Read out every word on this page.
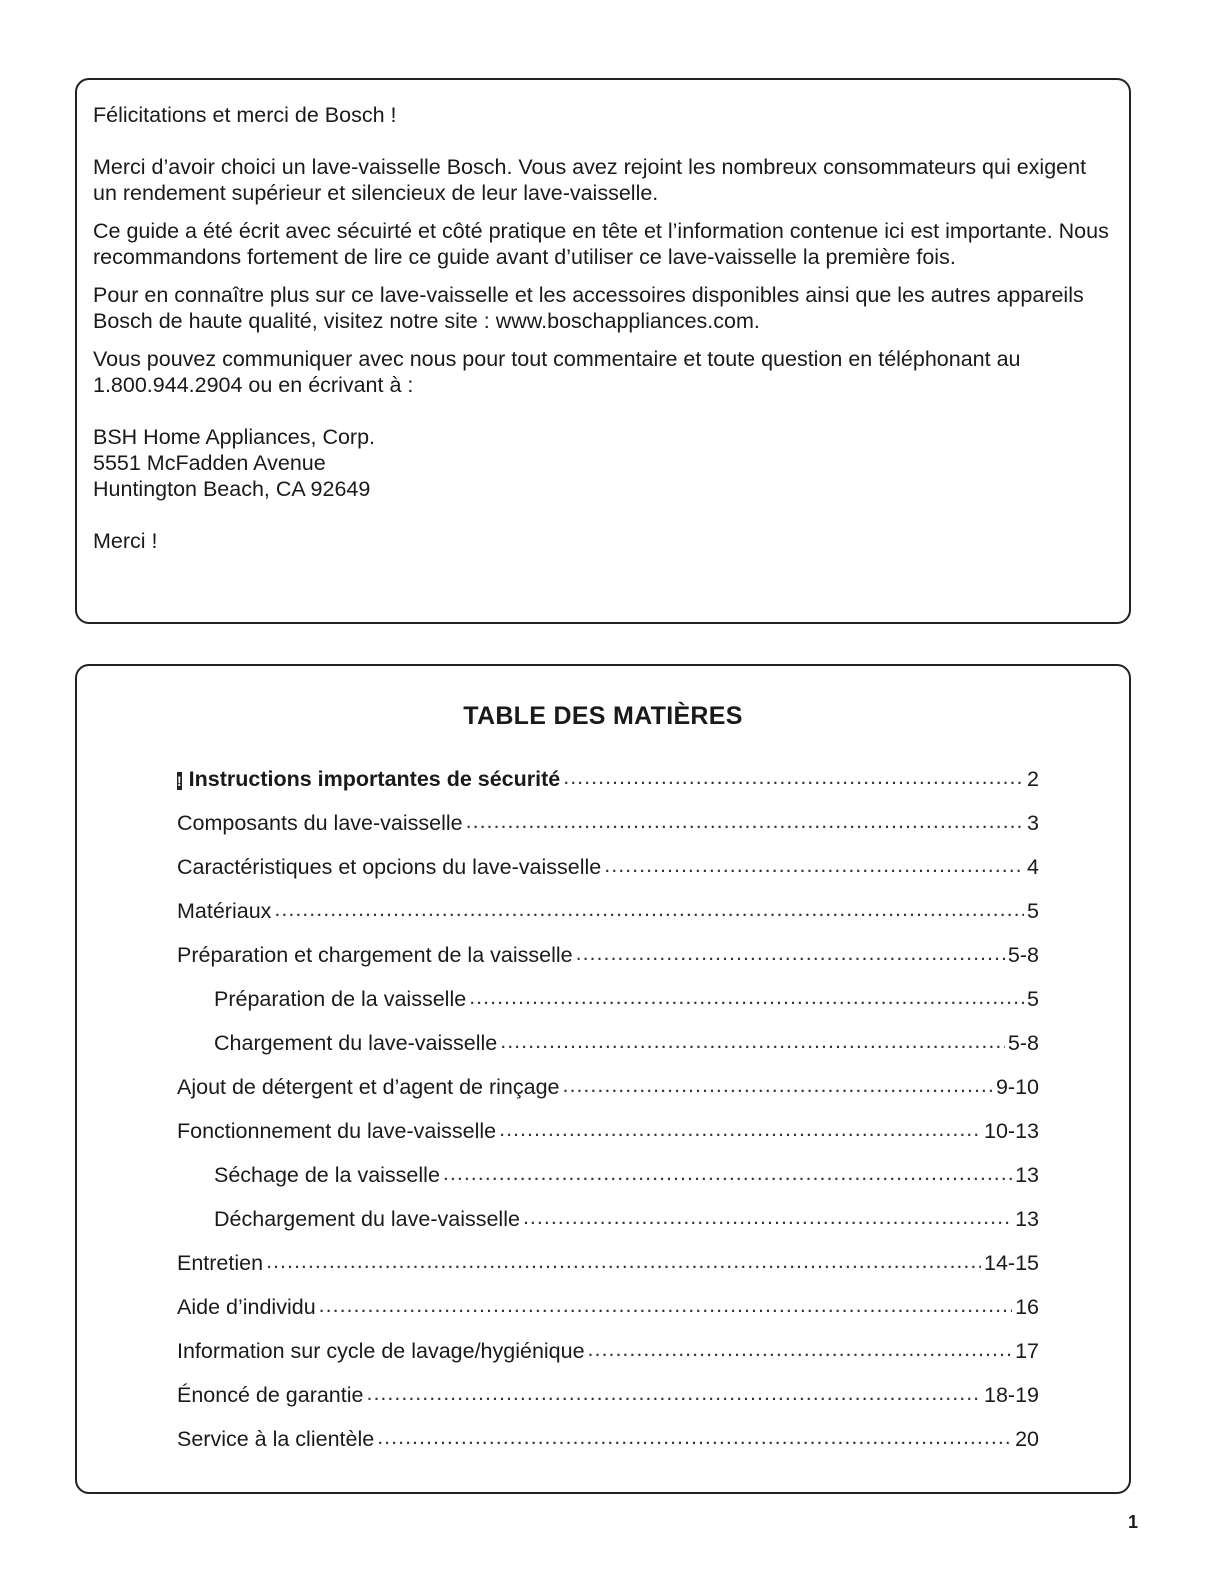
Félicitations et merci de Bosch !

Merci d’avoir choici un lave-vaisselle Bosch. Vous avez rejoint les nombreux consommateurs qui exigent un rendement supérieur et silencieux de leur lave-vaisselle.

Ce guide a été écrit avec sécuirté et côté pratique en tête et l’information contenue ici est importante. Nous recommandons fortement de lire ce guide avant d’utiliser ce lave-vaisselle la première fois.

Pour en connaître plus sur ce lave-vaisselle et les accessoires disponibles ainsi que les autres appareils Bosch de haute qualité, visitez notre site : www.boschappliances.com.

Vous pouvez communiquer avec nous pour tout commentaire et toute question en téléphonant au 1.800.944.2904 ou en écrivant à :

BSH Home Appliances, Corp.
5551 McFadden Avenue
Huntington Beach, CA 92649

Merci !

TABLE DES MATIÈRES
! Instructions importantes de sécurité .....	2
Composants du lave-vaisselle .....	3
Caractéristiques et opcions du lave-vaisselle .....	4
Matériaux .....	5
Préparation et chargement de la vaisselle .....	5-8
Préparation de la vaisselle .....	5
Chargement du lave-vaisselle .....	5-8
Ajout de détergent et d’agent de rinçage .....	9-10
Fonctionnement du lave-vaisselle .....	10-13
Séchage de la vaisselle .....	13
Déchargement du lave-vaisselle .....	13
Entretien .....	14-15
Aide d’individu .....	16
Information sur cycle de lavage/hygiénique .....	17
Énoncé de garantie .....	18-19
Service à la clientèle .....	20
1
